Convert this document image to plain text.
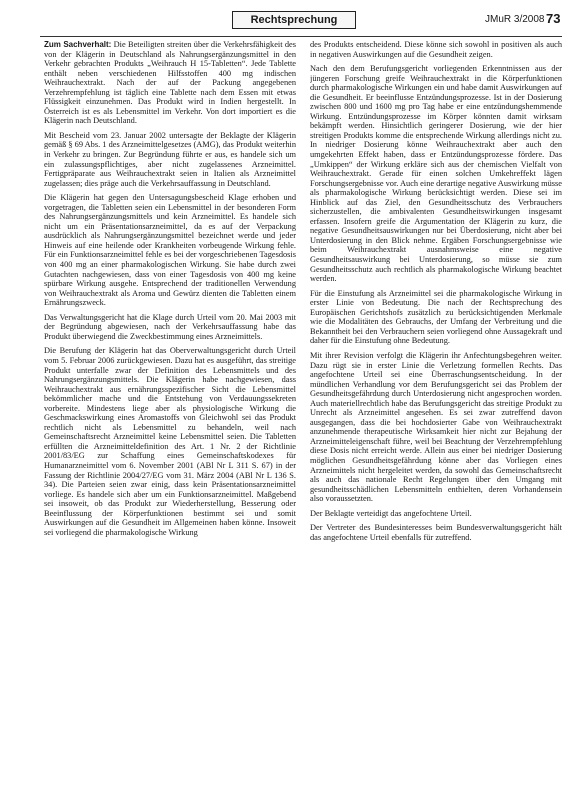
Rechtsprechung	JMuR 3/2008 73

Zum Sachverhalt: Die Beteiligten streiten über die Verkehrsfähigkeit des von der Klägerin in Deutschland als Nahrungsergänzungsmittel in den Verkehr gebrachten Produkts „Weihrauch H 15-Tabletten“. Jede Tablette enthält neben verschiedenen Hilfsstoffen 400 mg indischen Weihrauchextrakt. Nach der auf der Packung angegebenen Verzehrempfehlung ist täglich eine Tablette nach dem Essen mit etwas Flüssigkeit einzunehmen. Das Produkt wird in Indien hergestellt. In Österreich ist es als Lebensmittel im Verkehr. Von dort importiert es die Klägerin nach Deutschland.

Mit Bescheid vom 23. Januar 2002 untersagte der Beklagte der Klägerin gemäß § 69 Abs. 1 des Arzneimittelgesetzes (AMG), das Produkt weiterhin in Verkehr zu bringen. Zur Begründung führte er aus, es handele sich um ein zulassungspflichtiges, aber nicht zugelassenes Arzneimittel. Fertigpräparate aus Weihrauchextrakt seien in Italien als Arzneimittel zugelassen; dies präge auch die Verkehrsauffassung in Deutschland.

Die Klägerin hat gegen den Untersagungsbescheid Klage erhoben und vorgetragen, die Tabletten seien ein Lebensmittel in der besonderen Form des Nahrungsergänzungsmittels und kein Arzneimittel. Es handele sich nicht um ein Präsentationsarzneimittel, da es auf der Verpackung ausdrücklich als Nahrungsergänzungsmittel bezeichnet werde und jeder Hinweis auf eine heilende oder Krankheiten vorbeugende Wirkung fehle. Für ein Funktionsarzneimittel fehle es bei der vorgeschriebenen Tagesdosis von 400 mg an einer pharmakologischen Wirkung. Sie habe durch zwei Gutachten nachgewiesen, dass von einer Tagesdosis von 400 mg keine spürbare Wirkung ausgehe. Entsprechend der traditionellen Verwendung von Weihrauchextrakt als Aroma und Gewürz dienten die Tabletten einem Ernährungszweck.

Das Verwaltungsgericht hat die Klage durch Urteil vom 20. Mai 2003 mit der Begründung abgewiesen, nach der Verkehrsauffassung habe das Produkt überwiegend die Zweckbestimmung eines Arzneimittels.

Die Berufung der Klägerin hat das Oberverwaltungsgericht durch Urteil vom 5. Februar 2006 zurückgewiesen. Dazu hat es ausgeführt, das streitige Produkt unterfalle zwar der Definition des Lebensmittels und des Nahrungsergänzungsmittels. Die Klägerin habe nachgewiesen, dass Weihrauchextrakt aus ernährungsspezifischer Sicht die Lebensmittel bekömmlicher mache und die Entstehung von Verdauungssekreten vorbereite. Mindestens liege aber als physiologische Wirkung die Geschmackswirkung eines Aromastoffs von Gleichwohl sei das Produkt rechtlich nicht als Lebensmittel zu behandeln, weil nach Gemeinschaftsrecht Arzneimittel keine Lebensmittel seien. Die Tabletten erfüllten die Arzneimitteldefinition des Art. 1 Nr. 2 der Richtlinie 2001/83/EG zur Schaffung eines Gemeinschaftskodexes für Humanarzneimittel vom 6. November 2001 (ABl Nr L 311 S. 67) in der Fassung der Richtlinie 2004/27/EG vom 31. März 2004 (ABl Nr L 136 S. 34). Die Parteien seien zwar einig, dass kein Präsentationsarzneimittel vorliege. Es handele sich aber um ein Funktionsarzneimittel. Maßgebend sei insoweit, ob das Produkt zur Wiederherstellung, Besserung oder Beeinflussung der Körperfunktionen bestimmt sei und somit Auswirkungen auf die Gesundheit im Allgemeinen haben könne. Insoweit sei vorliegend die pharmakologische Wirkung

des Produkts entscheidend. Diese könne sich sowohl in positiven als auch in negativen Auswirkungen auf die Gesundheit zeigen.

Nach den dem Berufungsgericht vorliegenden Erkenntnissen aus der jüngeren Forschung greife Weihrauchextrakt in die Körperfunktionen durch pharmakologische Wirkungen ein und habe damit Auswirkungen auf die Gesundheit. Er beeinflusse Entzündungsprozesse. Ist in der Dosierung zwischen 800 und 1600 mg pro Tag habe er eine entzündungshemmende Wirkung. Entzündungsprozesse im Körper könnten damit wirksam bekämpft werden. Hinsichtlich geringerer Dosierung, wie der hier streitigen Produkts komme die entsprechende Wirkung allerdings nicht zu. In niedriger Dosierung könne Weihrauchextrakt aber auch den umgekehrten Effekt haben, dass er Entzündungsprozesse fördere. Das „Umkippen“ der Wirkung erkläre sich aus der chemischen Vielfalt von Weihrauchextrakt. Gerade für einen solchen Umkehreffekt lägen Forschungsergebnisse vor. Auch eine derartige negative Auswirkung müsse als pharmakologische Wirkung berücksichtigt werden. Diese sei im Hinblick auf das Ziel, den Gesundheitsschutz des Verbrauchers sicherzustellen, die ambivalenten Gesundheitswirkungen insgesamt erfassen. Insofern greife die Argumentation der Klägerin zu kurz, die negative Gesundheitsauswirkungen nur bei Überdosierung, nicht aber bei Unterdosierung in den Blick nehme. Ergäben Forschungsergebnisse wie beim Weihrauchextrakt ausnahmsweise eine negative Gesundheitsauswirkung bei Unterdosierung, so müsse sie zum Gesundheitsschutz auch rechtlich als pharmakologische Wirkung beachtet werden.

Für die Einstufung als Arzneimittel sei die pharmakologische Wirkung in erster Linie von Bedeutung. Die nach der Rechtsprechung des Europäischen Gerichtshofs zusätzlich zu berücksichtigenden Merkmale wie die Modalitäten des Gebrauchs, der Umfang der Verbreitung und die Bekanntheit bei den Verbrauchern seien vorliegend ohne Aussagekraft und daher für die Einstufung ohne Bedeutung.

Mit ihrer Revision verfolgt die Klägerin ihr Anfechtungsbegehren weiter. Dazu rügt sie in erster Linie die Verletzung formellen Rechts. Das angefochtene Urteil sei eine Überraschungsentscheidung. In der mündlichen Verhandlung vor dem Berufungsgericht sei das Problem der Gesundheitsgefährdung durch Unterdosierung nicht angesprochen worden. Auch materiellrechtlich habe das Berufungsgericht das streitige Produkt zu Unrecht als Arzneimittel angesehen. Es sei zwar zutreffend davon ausgegangen, dass die bei hochdosierter Gabe von Weihrauchextrakt anzunehmende therapeutische Wirksamkeit hier nicht zur Bejahung der Arzneimitteleigenschaft führe, weil bei Beachtung der Verzehrempfehlung diese Dosis nicht erreicht werde. Allein aus einer bei niedriger Dosierung möglichen Gesundheitsgefährdung könne aber das Vorliegen eines Arzneimittels nicht hergeleitet werden, da sowohl das Gemeinschaftsrecht als auch das nationale Recht Regelungen über den Umgang mit gesundheitsschädlichen Lebensmitteln enthielten, deren Vorhandensein also voraussetzten.

Der Beklagte verteidigt das angefochtene Urteil.

Der Vertreter des Bundesinteresses beim Bundesverwaltungsgericht hält das angefochtene Urteil ebenfalls für zutreffend.
